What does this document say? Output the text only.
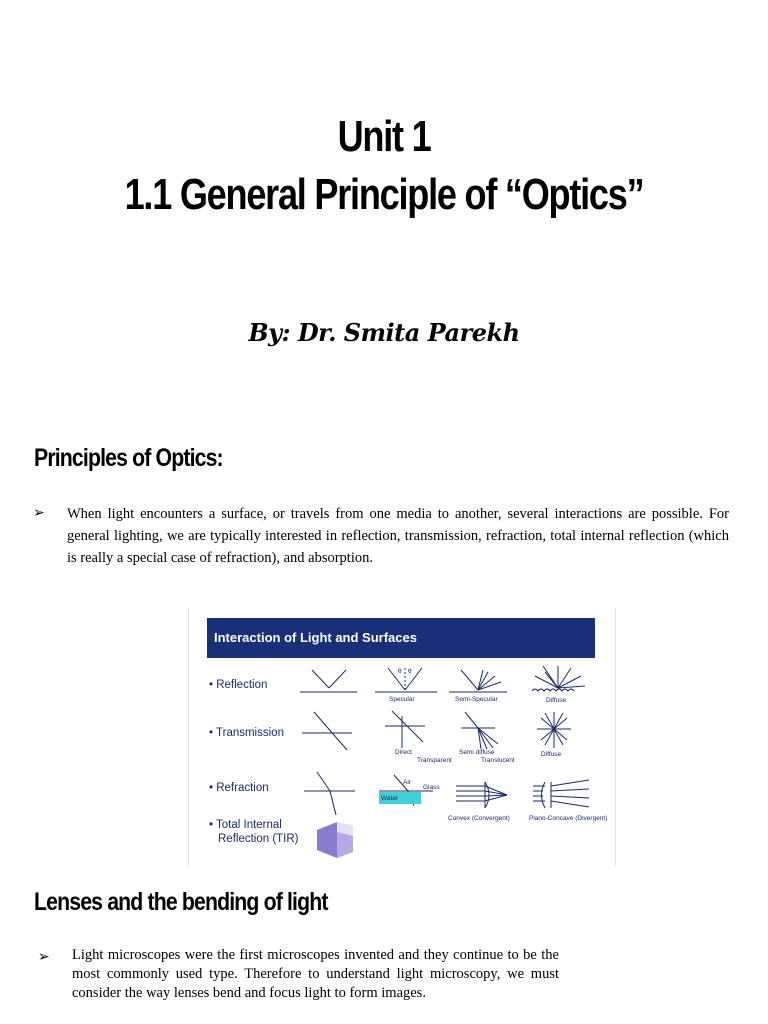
Unit 1
1.1 General Principle of “Optics”
By: Dr. Smita Parekh
Principles of Optics:
➢ When light encounters a surface, or travels from one media to another, several interactions are possible. For general lighting, we are typically interested in reflection, transmission, refraction, total internal reflection (which is really a special case of refraction), and absorption.
Interaction of Light and Surfaces
• Reflection
• Transmission
• Refraction
• Total Internal
Reflection (TIR)
θ θ
Specular	Semi-Specular	Diffuse
Direct
Transparent
Semi diffuse
Translucent
Diffuse
Air
Glass
Water
Convex (Convergent)	Plano-Concave (Divergent)
Lenses and the bending of light
➢ Light microscopes were the first microscopes invented and they continue to be the most commonly used type. Therefore to understand light microscopy, we must consider the way lenses bend and focus light to form images.
